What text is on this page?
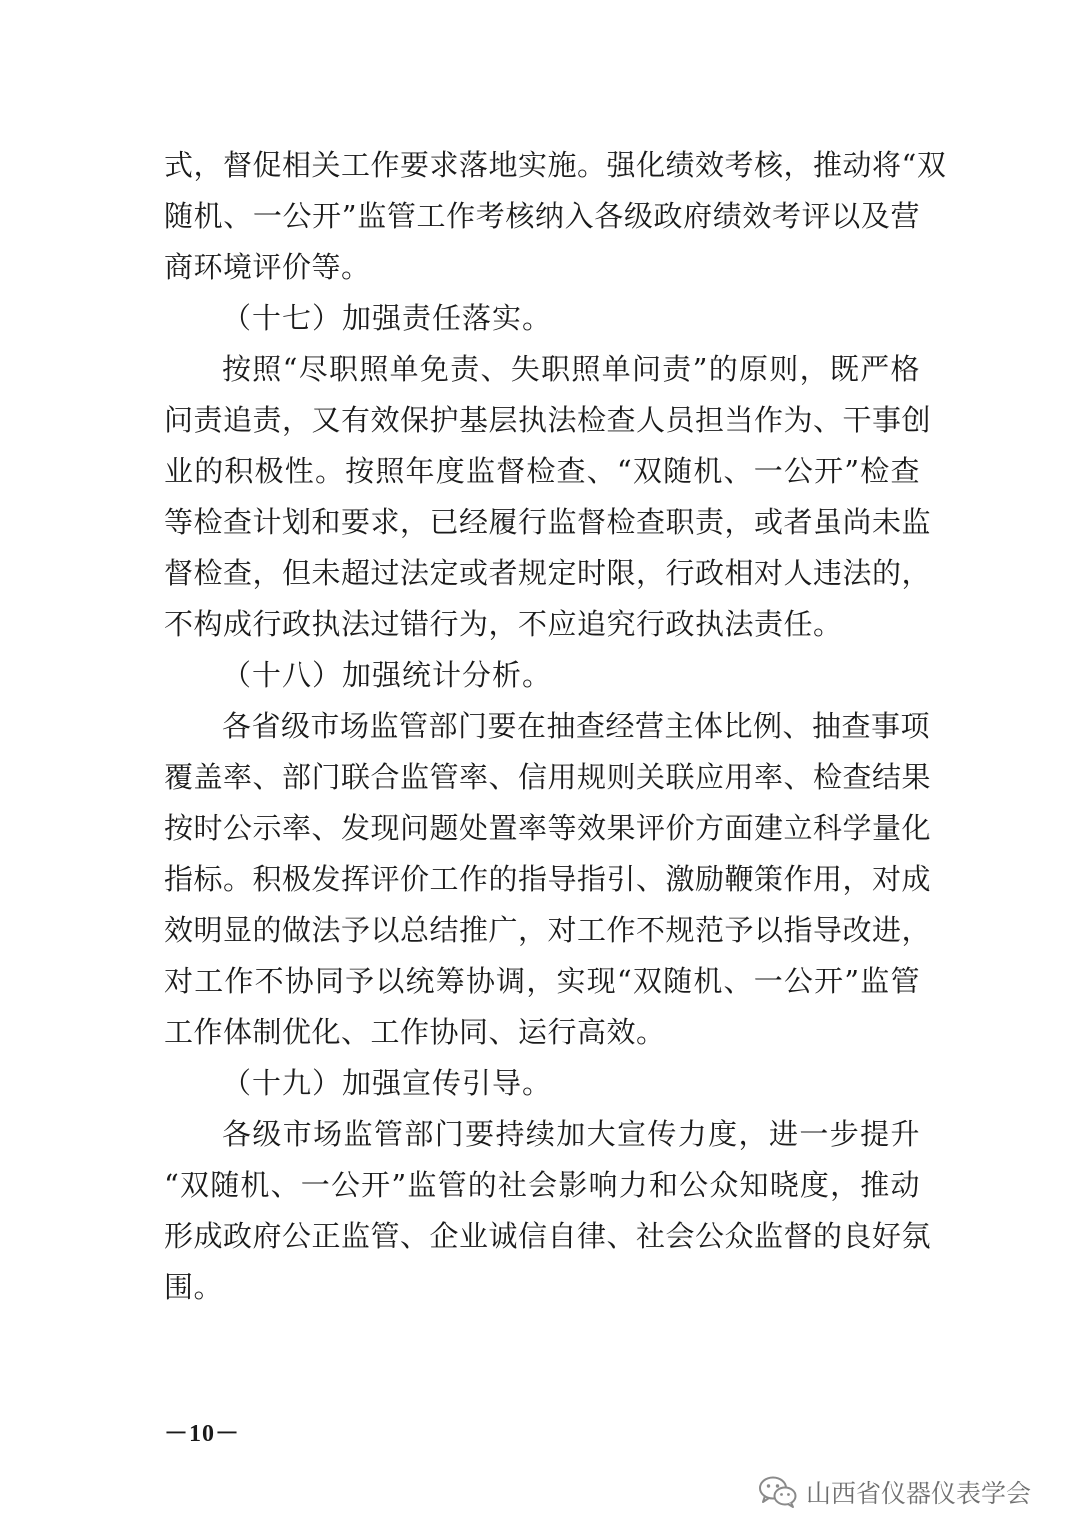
式，督促相关工作要求落地实施。强化绩效考核，推动将“双
随机、一公开”监管工作考核纳入各级政府绩效考评以及营
商环境评价等。
（十七）加强责任落实。
按照“尽职照单免责、失职照单问责”的原则，既严格
问责追责，又有效保护基层执法检查人员担当作为、干事创
业的积极性。按照年度监督检查、“双随机、一公开”检查
等检查计划和要求，已经履行监督检查职责，或者虽尚未监
督检查，但未超过法定或者规定时限，行政相对人违法的，
不构成行政执法过错行为，不应追究行政执法责任。
（十八）加强统计分析。
各省级市场监管部门要在抽查经营主体比例、抽查事项
覆盖率、部门联合监管率、信用规则关联应用率、检查结果
按时公示率、发现问题处置率等效果评价方面建立科学量化
指标。积极发挥评价工作的指导指引、激励鞭策作用，对成
效明显的做法予以总结推广，对工作不规范予以指导改进，
对工作不协同予以统筹协调，实现“双随机、一公开”监管
工作体制优化、工作协同、运行高效。
（十九）加强宣传引导。
各级市场监管部门要持续加大宣传力度，进一步提升
“双随机、一公开”监管的社会影响力和公众知晓度，推动
形成政府公正监管、企业诚信自律、社会公众监督的良好氛
围。
－10－
山西省仪器仪表学会
